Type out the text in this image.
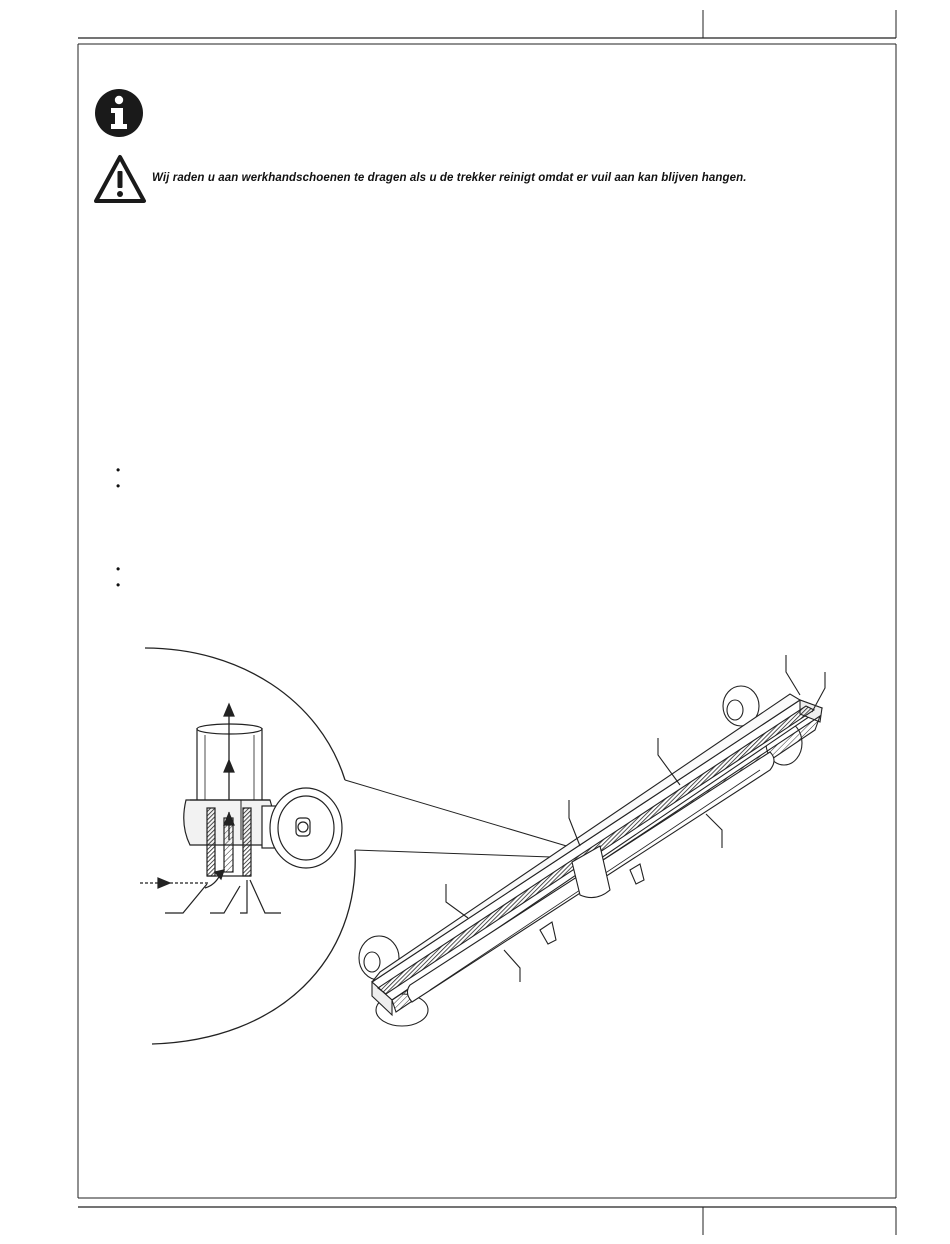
Wij raden u aan werkhandschoenen te dragen als u de trekker reinigt omdat er vuil aan kan blijven hangen.
•
•
•
•
